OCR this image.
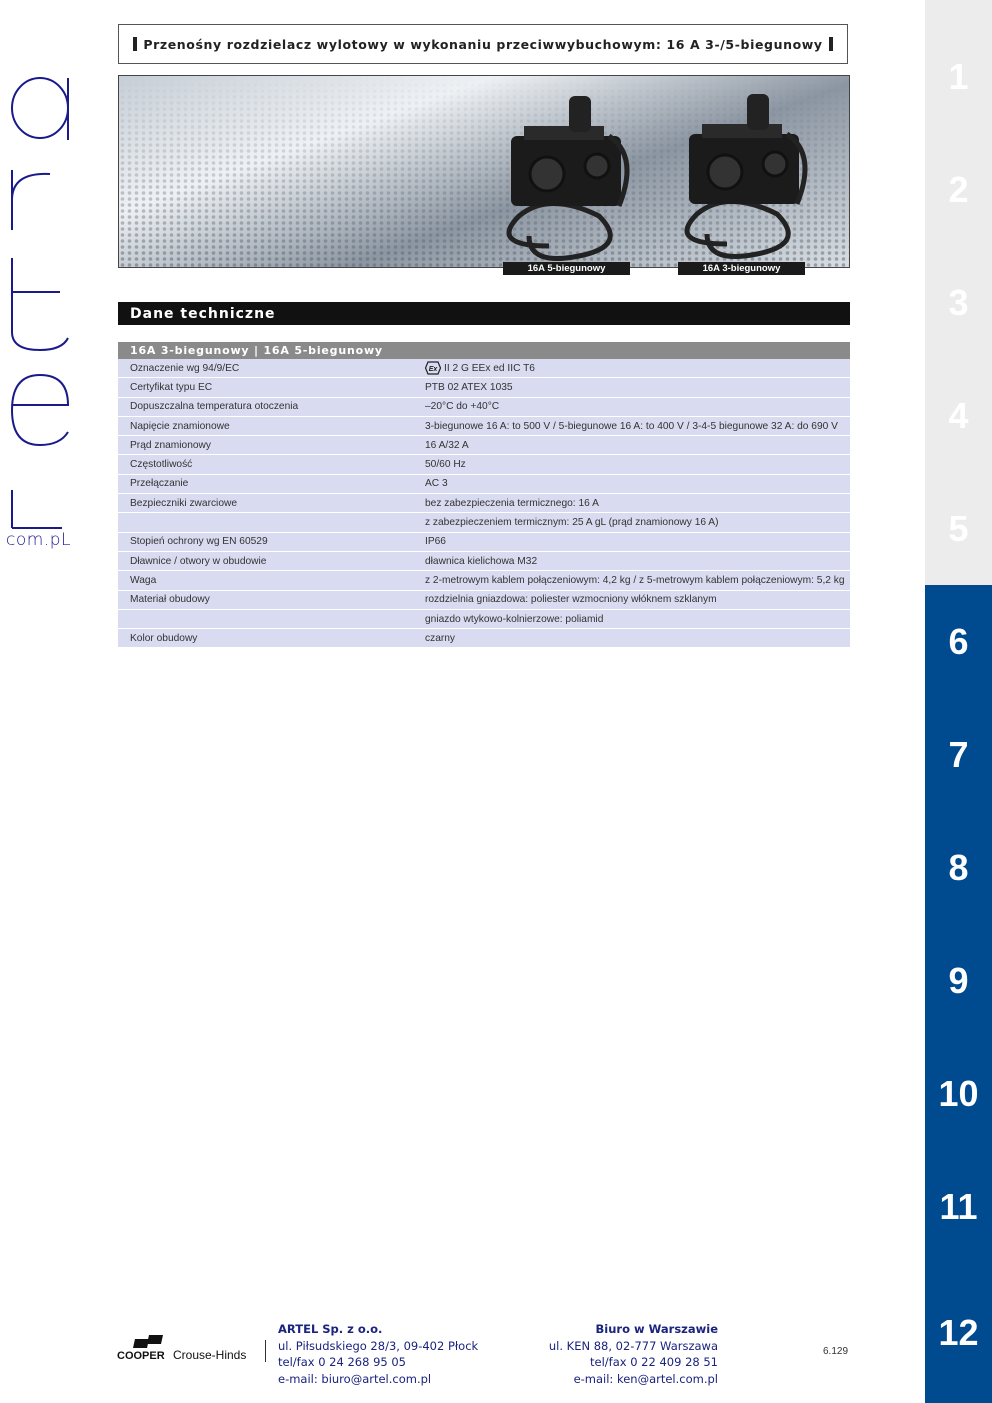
com.pL
1
2
3
4
5
6
7
8
9
10
11
12
Przenośny rozdzielacz wylotowy w wykonaniu przeciwwybuchowym: 16 A 3-/5-biegunowy
16A 5-biegunowy	16A 3-biegunowy
Dane techniczne
16A 3-biegunowy | 16A 5-biegunowy
Oznaczenie wg 94/9/EC	Ex II 2 G EEx ed IIC T6
Certyfikat typu EC	PTB 02 ATEX 1035
Dopuszczalna temperatura otoczenia	–20°C do +40°C
Napięcie znamionowe	3-biegunowe 16 A: to 500 V / 5-biegunowe 16 A: to 400 V / 3-4-5 biegunowe 32 A: do 690 V
Prąd znamionowy	16 A/32 A
Częstotliwość	50/60 Hz
Przełączanie	AC 3
Bezpieczniki zwarciowe	bez zabezpieczenia termicznego: 16 A
z zabezpieczeniem termicznym: 25 A gL (prąd znamionowy 16 A)
Stopień ochrony wg EN 60529	IP66
Dławnice / otwory w obudowie	dławnica kielichowa M32
Waga	z 2-metrowym kablem połączeniowym: 4,2 kg / z 5-metrowym kablem połączeniowym: 5,2 kg
Materiał obudowy	rozdzielnia gniazdowa: poliester wzmocniony włóknem szklanym
gniazdo wtykowo-kolnierzowe: poliamid
Kolor obudowy	czarny
COOPER Crouse-Hinds
ARTEL Sp. z o.o.
ul. Piłsudskiego 28/3, 09-402 Płock
tel/fax 0 24 268 95 05
e-mail: biuro@artel.com.pl
Biuro w Warszawie
ul. KEN 88, 02-777 Warszawa
tel/fax 0 22 409 28 51
e-mail: ken@artel.com.pl
6.129
